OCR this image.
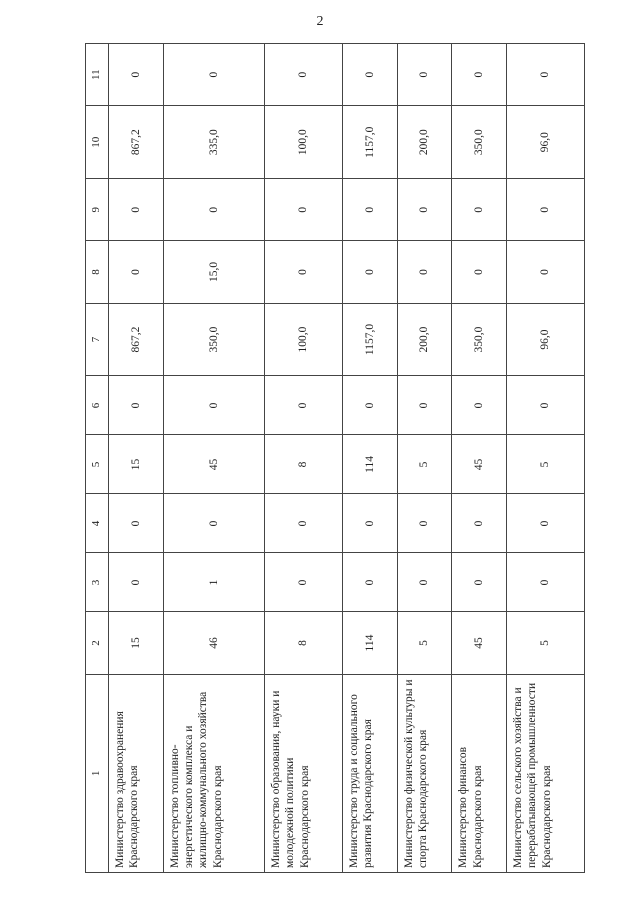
2
1	2	3	4	5	6	7	8	9	10	11
Министерство здравоохранения Краснодарского края	15	0	0	15	0	867,2	0	0	867,2	0
Министерство топливно-энергетического комплекса и жилищно-коммунального хозяйства Краснодарского края	46	1	0	45	0	350,0	15,0	0	335,0	0
Министерство образования, науки и молодежной политики Краснодарского края	8	0	0	8	0	100,0	0	0	100,0	0
Министерство труда и социального развития Краснодарского края	114	0	0	114	0	1157,0	0	0	1157,0	0
Министерство физической культуры и спорта Краснодарского края	5	0	0	5	0	200,0	0	0	200,0	0
Министерство финансов Краснодарского края	45	0	0	45	0	350,0	0	0	350,0	0
Министерство сельского хозяйства и перерабатывающей промышленности Краснодарского края	5	0	0	5	0	96,0	0	0	96,0	0
